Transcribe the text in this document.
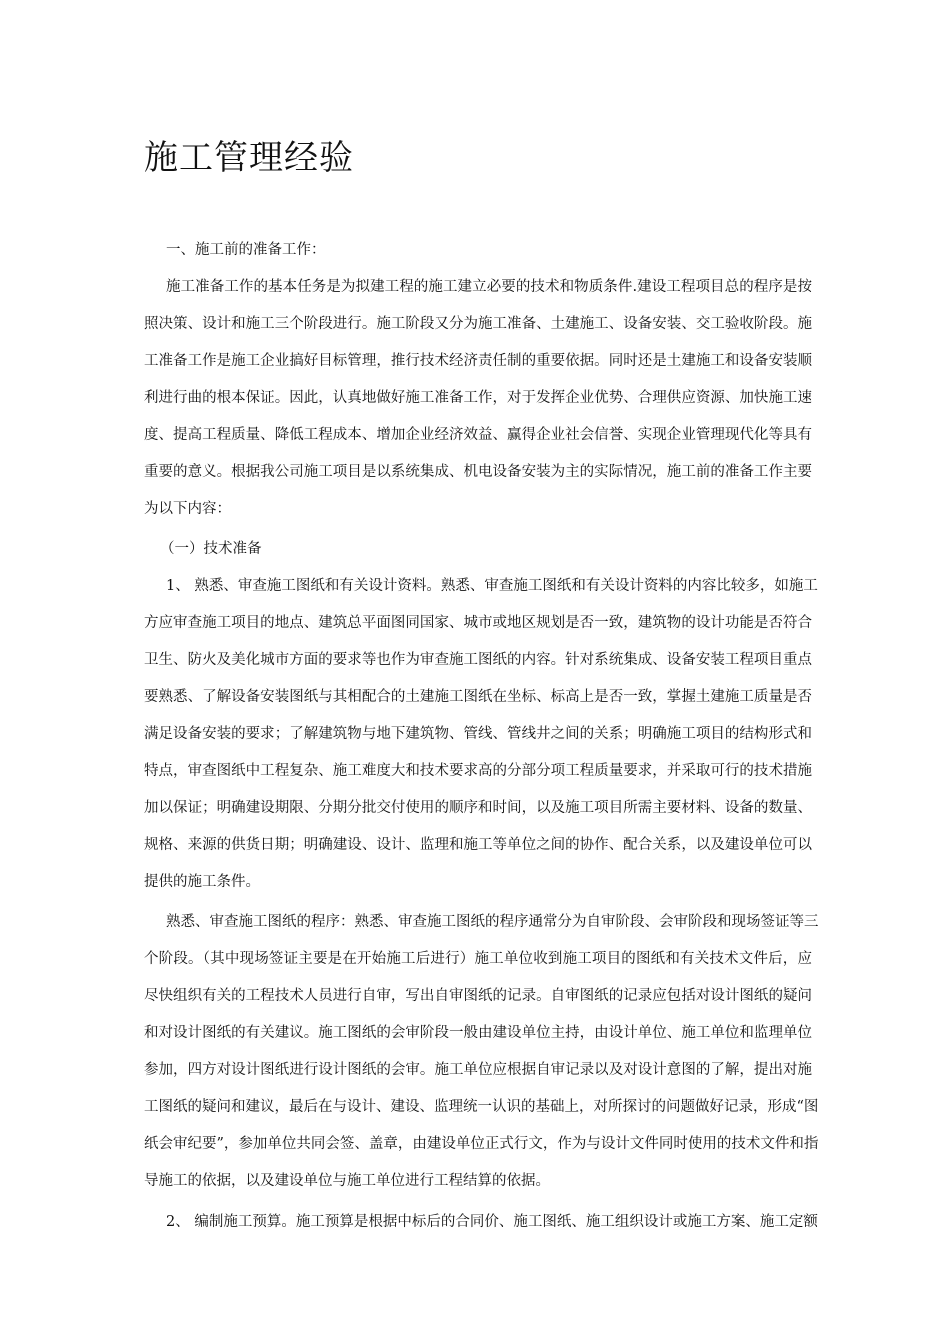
施工管理经验

一、施工前的准备工作：

施工准备工作的基本任务是为拟建工程的施工建立必要的技术和物质条件.建设工程项目总的程序是按

照决策、设计和施工三个阶段进行。施工阶段又分为施工准备、土建施工、设备安装、交工验收阶段。施

工准备工作是施工企业搞好目标管理，推行技术经济责任制的重要依据。同时还是土建施工和设备安装顺

利进行曲的根本保证。因此，认真地做好施工准备工作，对于发挥企业优势、合理供应资源、加快施工速

度、提高工程质量、降低工程成本、增加企业经济效益、赢得企业社会信誉、实现企业管理现代化等具有

重要的意义。根据我公司施工项目是以系统集成、机电设备安装为主的实际情况，施工前的准备工作主要

为以下内容：

（一）技术准备

1、 熟悉、审查施工图纸和有关设计资料。熟悉、审查施工图纸和有关设计资料的内容比较多，如施工

方应审查施工项目的地点、建筑总平面图同国家、城市或地区规划是否一致，建筑物的设计功能是否符合

卫生、防火及美化城市方面的要求等也作为审查施工图纸的内容。针对系统集成、设备安装工程项目重点

要熟悉、了解设备安装图纸与其相配合的土建施工图纸在坐标、标高上是否一致，掌握土建施工质量是否

满足设备安装的要求；了解建筑物与地下建筑物、管线、管线井之间的关系；明确施工项目的结构形式和

特点，审查图纸中工程复杂、施工难度大和技术要求高的分部分项工程质量要求，并采取可行的技术措施

加以保证；明确建设期限、分期分批交付使用的顺序和时间，以及施工项目所需主要材料、设备的数量、

规格、来源的供货日期；明确建设、设计、监理和施工等单位之间的协作、配合关系，以及建设单位可以

提供的施工条件。

熟悉、审查施工图纸的程序：熟悉、审查施工图纸的程序通常分为自审阶段、会审阶段和现场签证等三

个阶段。（其中现场签证主要是在开始施工后进行）施工单位收到施工项目的图纸和有关技术文件后，应

尽快组织有关的工程技术人员进行自审，写出自审图纸的记录。自审图纸的记录应包括对设计图纸的疑问

和对设计图纸的有关建议。施工图纸的会审阶段一般由建设单位主持，由设计单位、施工单位和监理单位

参加，四方对设计图纸进行设计图纸的会审。施工单位应根据自审记录以及对设计意图的了解，提出对施

工图纸的疑问和建议，最后在与设计、建设、监理统一认识的基础上，对所探讨的问题做好记录，形成“图

纸会审纪要”，参加单位共同会签、盖章，由建设单位正式行文，作为与设计文件同时使用的技术文件和指

导施工的依据，以及建设单位与施工单位进行工程结算的依据。

2、 编制施工预算。施工预算是根据中标后的合同价、施工图纸、施工组织设计或施工方案、施工定额
